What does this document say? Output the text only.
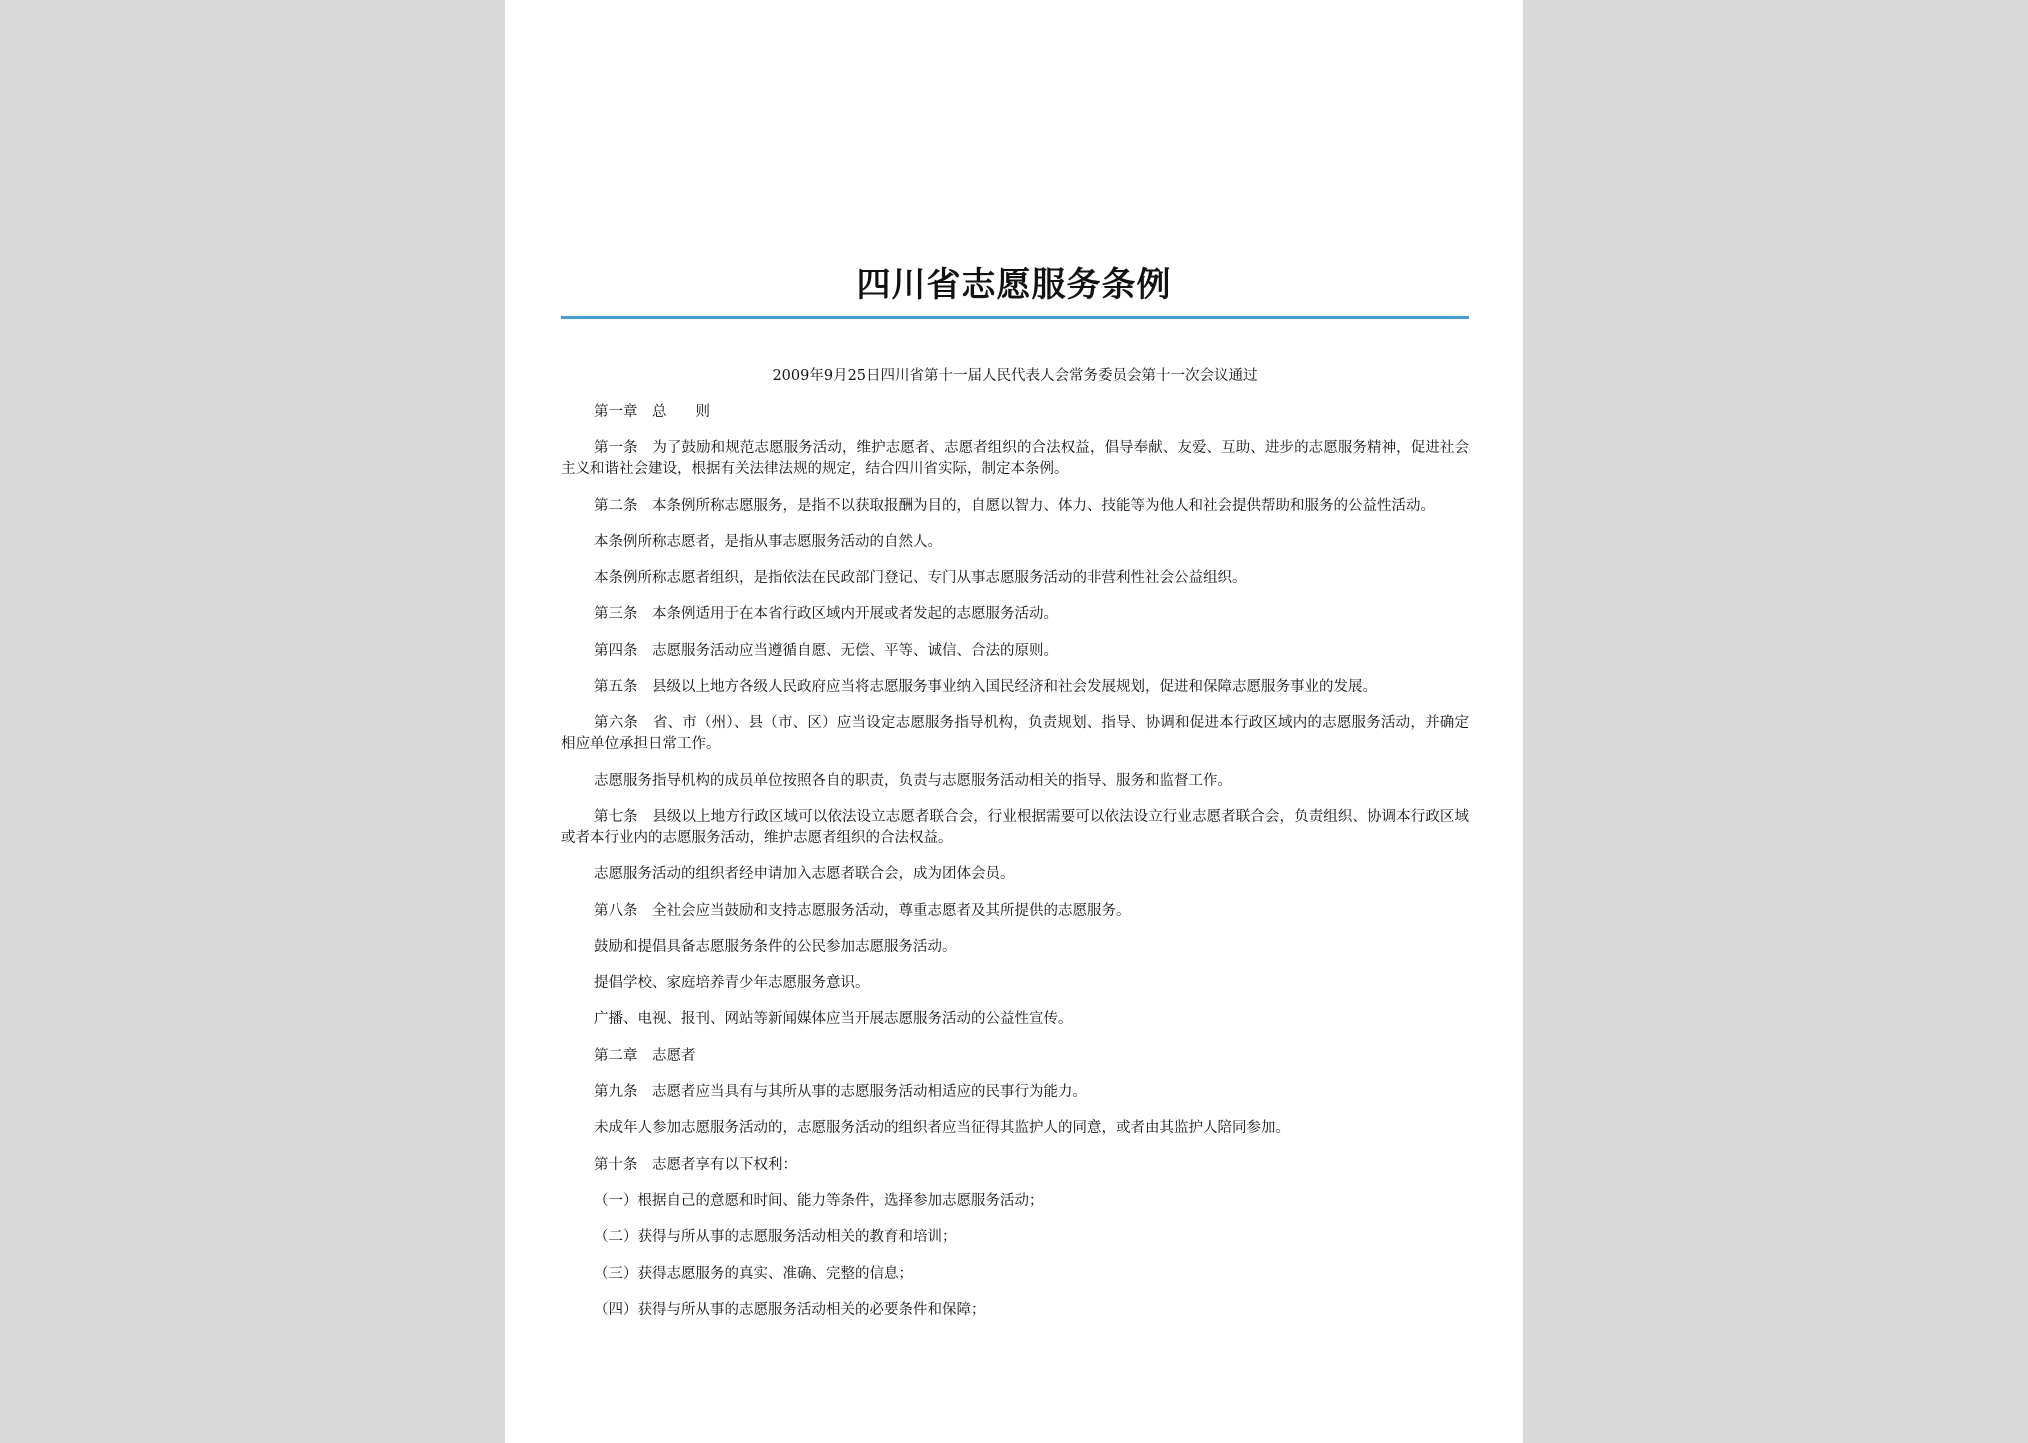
四川省志愿服务条例
2009年9月25日四川省第十一届人民代表人会常务委员会第十一次会议通过

第一章　总　　则

第一条　为了鼓励和规范志愿服务活动，维护志愿者、志愿者组织的合法权益，倡导奉献、友爱、互助、进步的志愿服务精神，促进社会主义和谐社会建设，根据有关法律法规的规定，结合四川省实际，制定本条例。

第二条　本条例所称志愿服务，是指不以获取报酬为目的，自愿以智力、体力、技能等为他人和社会提供帮助和服务的公益性活动。

本条例所称志愿者，是指从事志愿服务活动的自然人。

本条例所称志愿者组织，是指依法在民政部门登记、专门从事志愿服务活动的非营利性社会公益组织。

第三条　本条例适用于在本省行政区域内开展或者发起的志愿服务活动。

第四条　志愿服务活动应当遵循自愿、无偿、平等、诚信、合法的原则。

第五条　县级以上地方各级人民政府应当将志愿服务事业纳入国民经济和社会发展规划，促进和保障志愿服务事业的发展。

第六条　省、市（州）、县（市、区）应当设定志愿服务指导机构，负责规划、指导、协调和促进本行政区域内的志愿服务活动，并确定相应单位承担日常工作。

志愿服务指导机构的成员单位按照各自的职责，负责与志愿服务活动相关的指导、服务和监督工作。

第七条　县级以上地方行政区域可以依法设立志愿者联合会，行业根据需要可以依法设立行业志愿者联合会，负责组织、协调本行政区域或者本行业内的志愿服务活动，维护志愿者组织的合法权益。

志愿服务活动的组织者经申请加入志愿者联合会，成为团体会员。

第八条　全社会应当鼓励和支持志愿服务活动，尊重志愿者及其所提供的志愿服务。

鼓励和提倡具备志愿服务条件的公民参加志愿服务活动。

提倡学校、家庭培养青少年志愿服务意识。

广播、电视、报刊、网站等新闻媒体应当开展志愿服务活动的公益性宣传。

第二章　志愿者

第九条　志愿者应当具有与其所从事的志愿服务活动相适应的民事行为能力。

未成年人参加志愿服务活动的，志愿服务活动的组织者应当征得其监护人的同意，或者由其监护人陪同参加。

第十条　志愿者享有以下权利：

（一）根据自己的意愿和时间、能力等条件，选择参加志愿服务活动；

（二）获得与所从事的志愿服务活动相关的教育和培训；

（三）获得志愿服务的真实、准确、完整的信息；

（四）获得与所从事的志愿服务活动相关的必要条件和保障；
